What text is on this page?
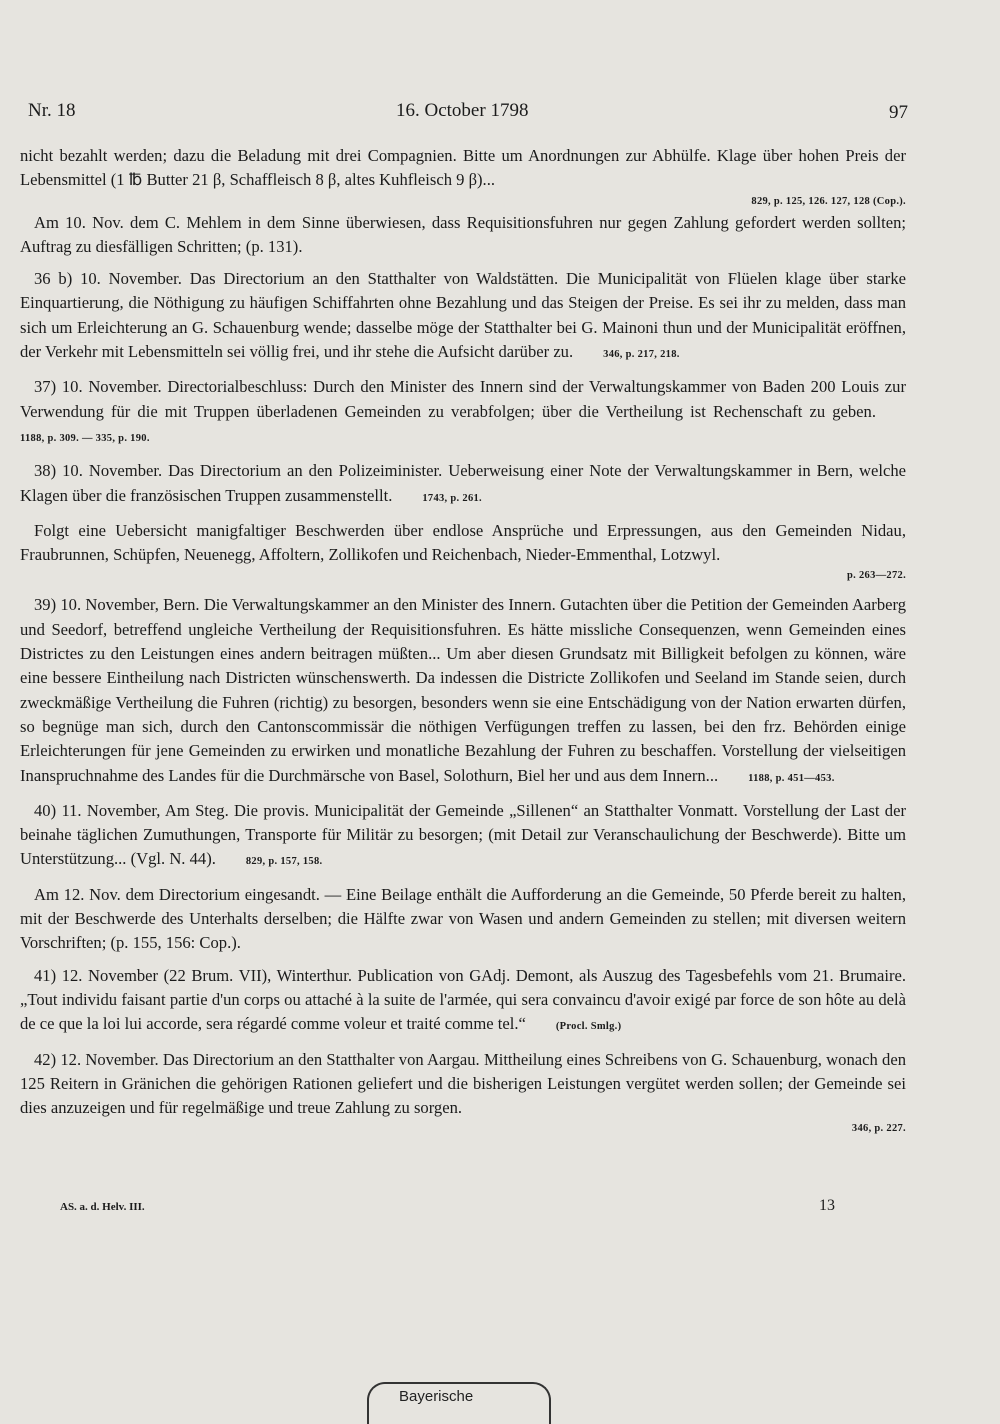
Nr. 18	16. October 1798	97

nicht bezahlt werden; dazu die Beladung mit drei Compagnien. Bitte um Anordnungen zur Abhülfe. Klage über hohen Preis der Lebensmittel (1 ℔ Butter 21 β, Schaffleisch 8 β, altes Kuhfleisch 9 β)...

829, p. 125, 126. 127, 128 (Cop.).

Am 10. Nov. dem C. Mehlem in dem Sinne überwiesen, dass Requisitionsfuhren nur gegen Zahlung gefordert werden sollten; Auftrag zu diesfälligen Schritten; (p. 131).

36 b) 10. November. Das Directorium an den Statthalter von Waldstätten. Die Municipalität von Flüelen klage über starke Einquartierung, die Nöthigung zu häufigen Schiffahrten ohne Bezahlung und das Steigen der Preise. Es sei ihr zu melden, dass man sich um Erleichterung an G. Schauenburg wende; dasselbe möge der Statthalter bei G. Mainoni thun und der Municipalität eröffnen, der Verkehr mit Lebensmitteln sei völlig frei, und ihr stehe die Aufsicht darüber zu.	346, p. 217, 218.

37) 10. November. Directorialbeschluss: Durch den Minister des Innern sind der Verwaltungskammer von Baden 200 Louis zur Verwendung für die mit Truppen überladenen Gemeinden zu verabfolgen; über die Vertheilung ist Rechenschaft zu geben.1188, p. 309. — 335, p. 190.

38) 10. November. Das Directorium an den Polizeiminister. Ueberweisung einer Note der Verwaltungskammer in Bern, welche Klagen über die französischen Truppen zusammenstellt.	1743, p. 261.

Folgt eine Uebersicht manigfaltiger Beschwerden über endlose Ansprüche und Erpressungen, aus den Gemeinden Nidau, Fraubrunnen, Schüpfen, Neuenegg, Affoltern, Zollikofen und Reichenbach, Nieder-Emmenthal, Lotzwyl.

p. 263—272.

39) 10. November, Bern. Die Verwaltungskammer an den Minister des Innern. Gutachten über die Petition der Gemeinden Aarberg und Seedorf, betreffend ungleiche Vertheilung der Requisitionsfuhren. Es hätte missliche Consequenzen, wenn Gemeinden eines Districtes zu den Leistungen eines andern beitragen müßten... Um aber diesen Grundsatz mit Billigkeit befolgen zu können, wäre eine bessere Eintheilung nach Districten wünschenswerth. Da indessen die Districte Zollikofen und Seeland im Stande seien, durch zweckmäßige Vertheilung die Fuhren (richtig) zu besorgen, besonders wenn sie eine Entschädigung von der Nation erwarten dürfen, so begnüge man sich, durch den Cantonscommissär die nöthigen Verfügungen treffen zu lassen, bei den frz. Behörden einige Erleichterungen für jene Gemeinden zu erwirken und monatliche Bezahlung der Fuhren zu beschaffen. Vorstellung der vielseitigen Inanspruchnahme des Landes für die Durchmärsche von Basel, Solothurn, Biel her und aus dem Innern...	1188, p. 451—453.

40) 11. November, Am Steg. Die provis. Municipalität der Gemeinde „Sillenen“ an Statthalter Vonmatt. Vorstellung der Last der beinahe täglichen Zumuthungen, Transporte für Militär zu besorgen; (mit Detail zur Veranschaulichung der Beschwerde). Bitte um Unterstützung... (Vgl. N. 44).	829, p. 157, 158.

Am 12. Nov. dem Directorium eingesandt. — Eine Beilage enthält die Aufforderung an die Gemeinde, 50 Pferde bereit zu halten, mit der Beschwerde des Unterhalts derselben; die Hälfte zwar von Wasen und andern Gemeinden zu stellen; mit diversen weitern Vorschriften; (p. 155, 156: Cop.).

41) 12. November (22 Brum. VII), Winterthur. Publication von GAdj. Demont, als Auszug des Tagesbefehls vom 21. Brumaire. „Tout individu faisant partie d'un corps ou attaché à la suite de l'armée, qui sera convaincu d'avoir exigé par force de son hôte au delà de ce que la loi lui accorde, sera régardé comme voleur et traité comme tel.“	(Procl. Smlg.)

42) 12. November. Das Directorium an den Statthalter von Aargau. Mittheilung eines Schreibens von G. Schauenburg, wonach den 125 Reitern in Gränichen die gehörigen Rationen geliefert und die bisherigen Leistungen vergütet werden sollen; der Gemeinde sei dies anzuzeigen und für regelmäßige und treue Zahlung zu sorgen.

346, p. 227.

AS. a. d. Helv. III.	13
Bayerische
